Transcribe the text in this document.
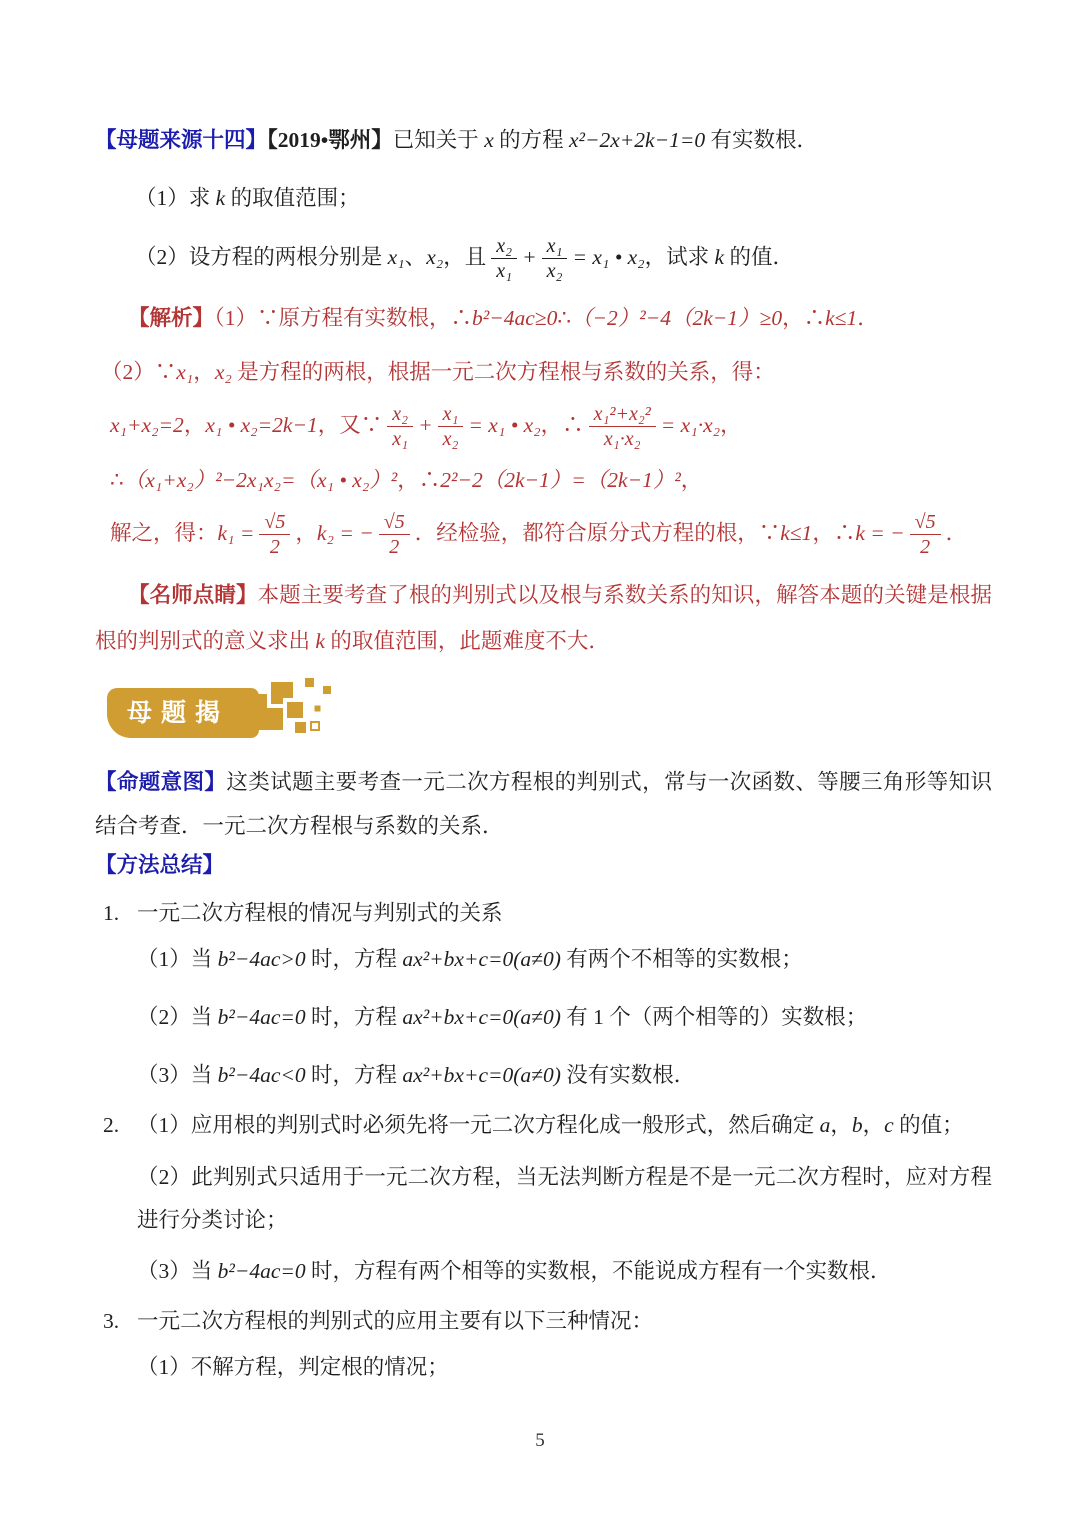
【母题来源十四】【2019•鄂州】已知关于 x 的方程 x²−2x+2k−1=0 有实数根．
（1）求 k 的取值范围；
（2）设方程的两根分别是 x₁、x₂，且 $\frac{\text{x₂}}{\text{x₁}} + \frac{\text{x₁}}{\text{x₂}} = x_1$ • x₂，试求 k 的值．
【解析】（1）∵原方程有实数根，∴b²−4ac≥0∴（−2）²−4（2k−1）≥0，∴k≤1．
（2）∵x₁，x₂ 是方程的两根，根据一元二次方程根与系数的关系，得：
x₁+x₂=2，x₁ • x₂=2k−1，又∵ $\frac{\text{x₂}}{\text{x₁}} + \frac{\text{x₁}}{\text{x₂}} = x_1$ • x₂，∴ $\frac{\text{x₁²+x₂²}}{\text{x₁·x₂}} = x_1\cdot x_2$，
∴（x₁+x₂）²−2x₁x₂=（x₁ • x₂）²，∴2²−2（2k−1）=（2k−1）²，
解之，得：$k_1 = \frac{√5}{2}$ ，k₂ = − $\frac{√5}{2}$ ．经检验，都符合原分式方程的根，∵k≤1，∴k = − $\frac{√5}{2}$ ．
【名师点睛】本题主要考查了根的判别式以及根与系数关系的知识，解答本题的关键是根据根的判别式的意义求出 k 的取值范围，此题难度不大．
母题揭秘
【命题意图】这类试题主要考查一元二次方程根的判别式，常与一次函数、等腰三角形等知识结合考查．一元二次方程根与系数的关系．
【方法总结】
1. 一元二次方程根的情况与判别式的关系
（1）当 b²−4ac>0 时，方程 ax²+bx+c=0(a≠0) 有两个不相等的实数根；
（2）当 b²−4ac=0 时，方程 ax²+bx+c=0(a≠0) 有 1 个（两个相等的）实数根；
（3）当 b²−4ac<0 时，方程 ax²+bx+c=0(a≠0) 没有实数根．
2. （1）应用根的判别式时必须先将一元二次方程化成一般形式，然后确定 a，b，c 的值；
（2）此判别式只适用于一元二次方程，当无法判断方程是不是一元二次方程时，应对方程进行分类讨论；
（3）当 b²−4ac=0 时，方程有两个相等的实数根，不能说成方程有一个实数根．
3. 一元二次方程根的判别式的应用主要有以下三种情况：
（1）不解方程，判定根的情况；
5
